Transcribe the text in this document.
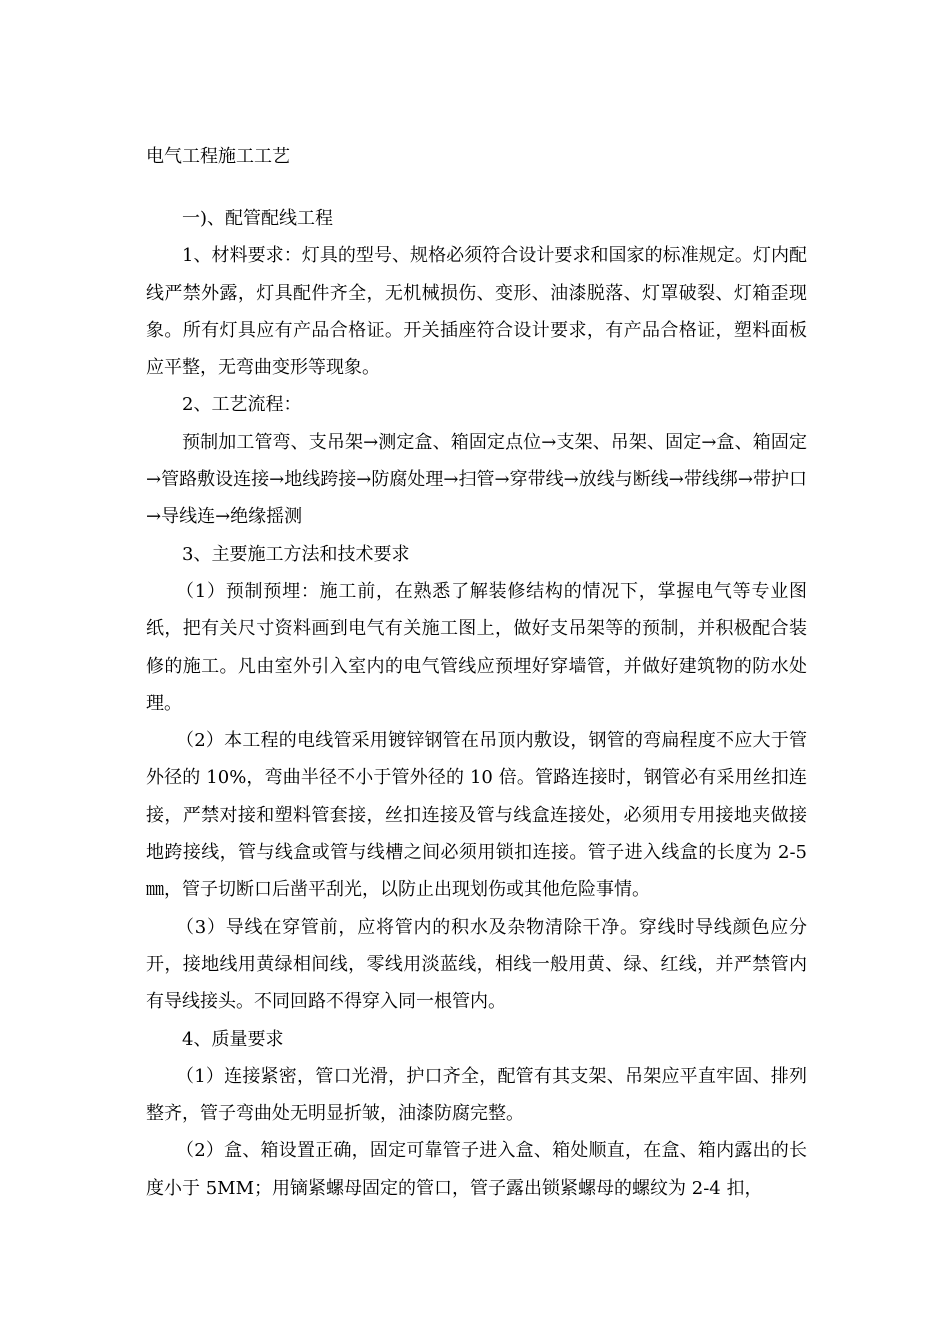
电气工程施工工艺

一)、配管配线工程

1、材料要求：灯具的型号、规格必须符合设计要求和国家的标准规定。灯内配线严禁外露，灯具配件齐全，无机械损伤、变形、油漆脱落、灯罩破裂、灯箱歪现象。所有灯具应有产品合格证。开关插座符合设计要求，有产品合格证，塑料面板应平整，无弯曲变形等现象。

2、工艺流程：

预制加工管弯、支吊架→测定盒、箱固定点位→支架、吊架、固定→盒、箱固定→管路敷设连接→地线跨接→防腐处理→扫管→穿带线→放线与断线→带线绑→带护口→导线连→绝缘摇测

3、主要施工方法和技术要求

（1）预制预埋：施工前，在熟悉了解装修结构的情况下，掌握电气等专业图纸，把有关尺寸资料画到电气有关施工图上，做好支吊架等的预制，并积极配合装修的施工。凡由室外引入室内的电气管线应预埋好穿墙管，并做好建筑物的防水处理。

（2）本工程的电线管采用镀锌钢管在吊顶内敷设，钢管的弯扁程度不应大于管外径的 10%，弯曲半径不小于管外径的 10 倍。管路连接时，钢管必有采用丝扣连接，严禁对接和塑料管套接，丝扣连接及管与线盒连接处，必须用专用接地夹做接地跨接线，管与线盒或管与线槽之间必须用锁扣连接。管子进入线盒的长度为 2-5 ㎜，管子切断口后凿平刮光，以防止出现划伤或其他危险事情。

（3）导线在穿管前，应将管内的积水及杂物清除干净。穿线时导线颜色应分开，接地线用黄绿相间线，零线用淡蓝线，相线一般用黄、绿、红线，并严禁管内有导线接头。不同回路不得穿入同一根管内。

4、质量要求

（1）连接紧密，管口光滑，护口齐全，配管有其支架、吊架应平直牢固、排列整齐，管子弯曲处无明显折皱，油漆防腐完整。

（2）盒、箱设置正确，固定可靠管子进入盒、箱处顺直，在盒、箱内露出的长度小于 5MM；用镝紧螺母固定的管口，管子露出锁紧螺母的螺纹为 2-4 扣，
